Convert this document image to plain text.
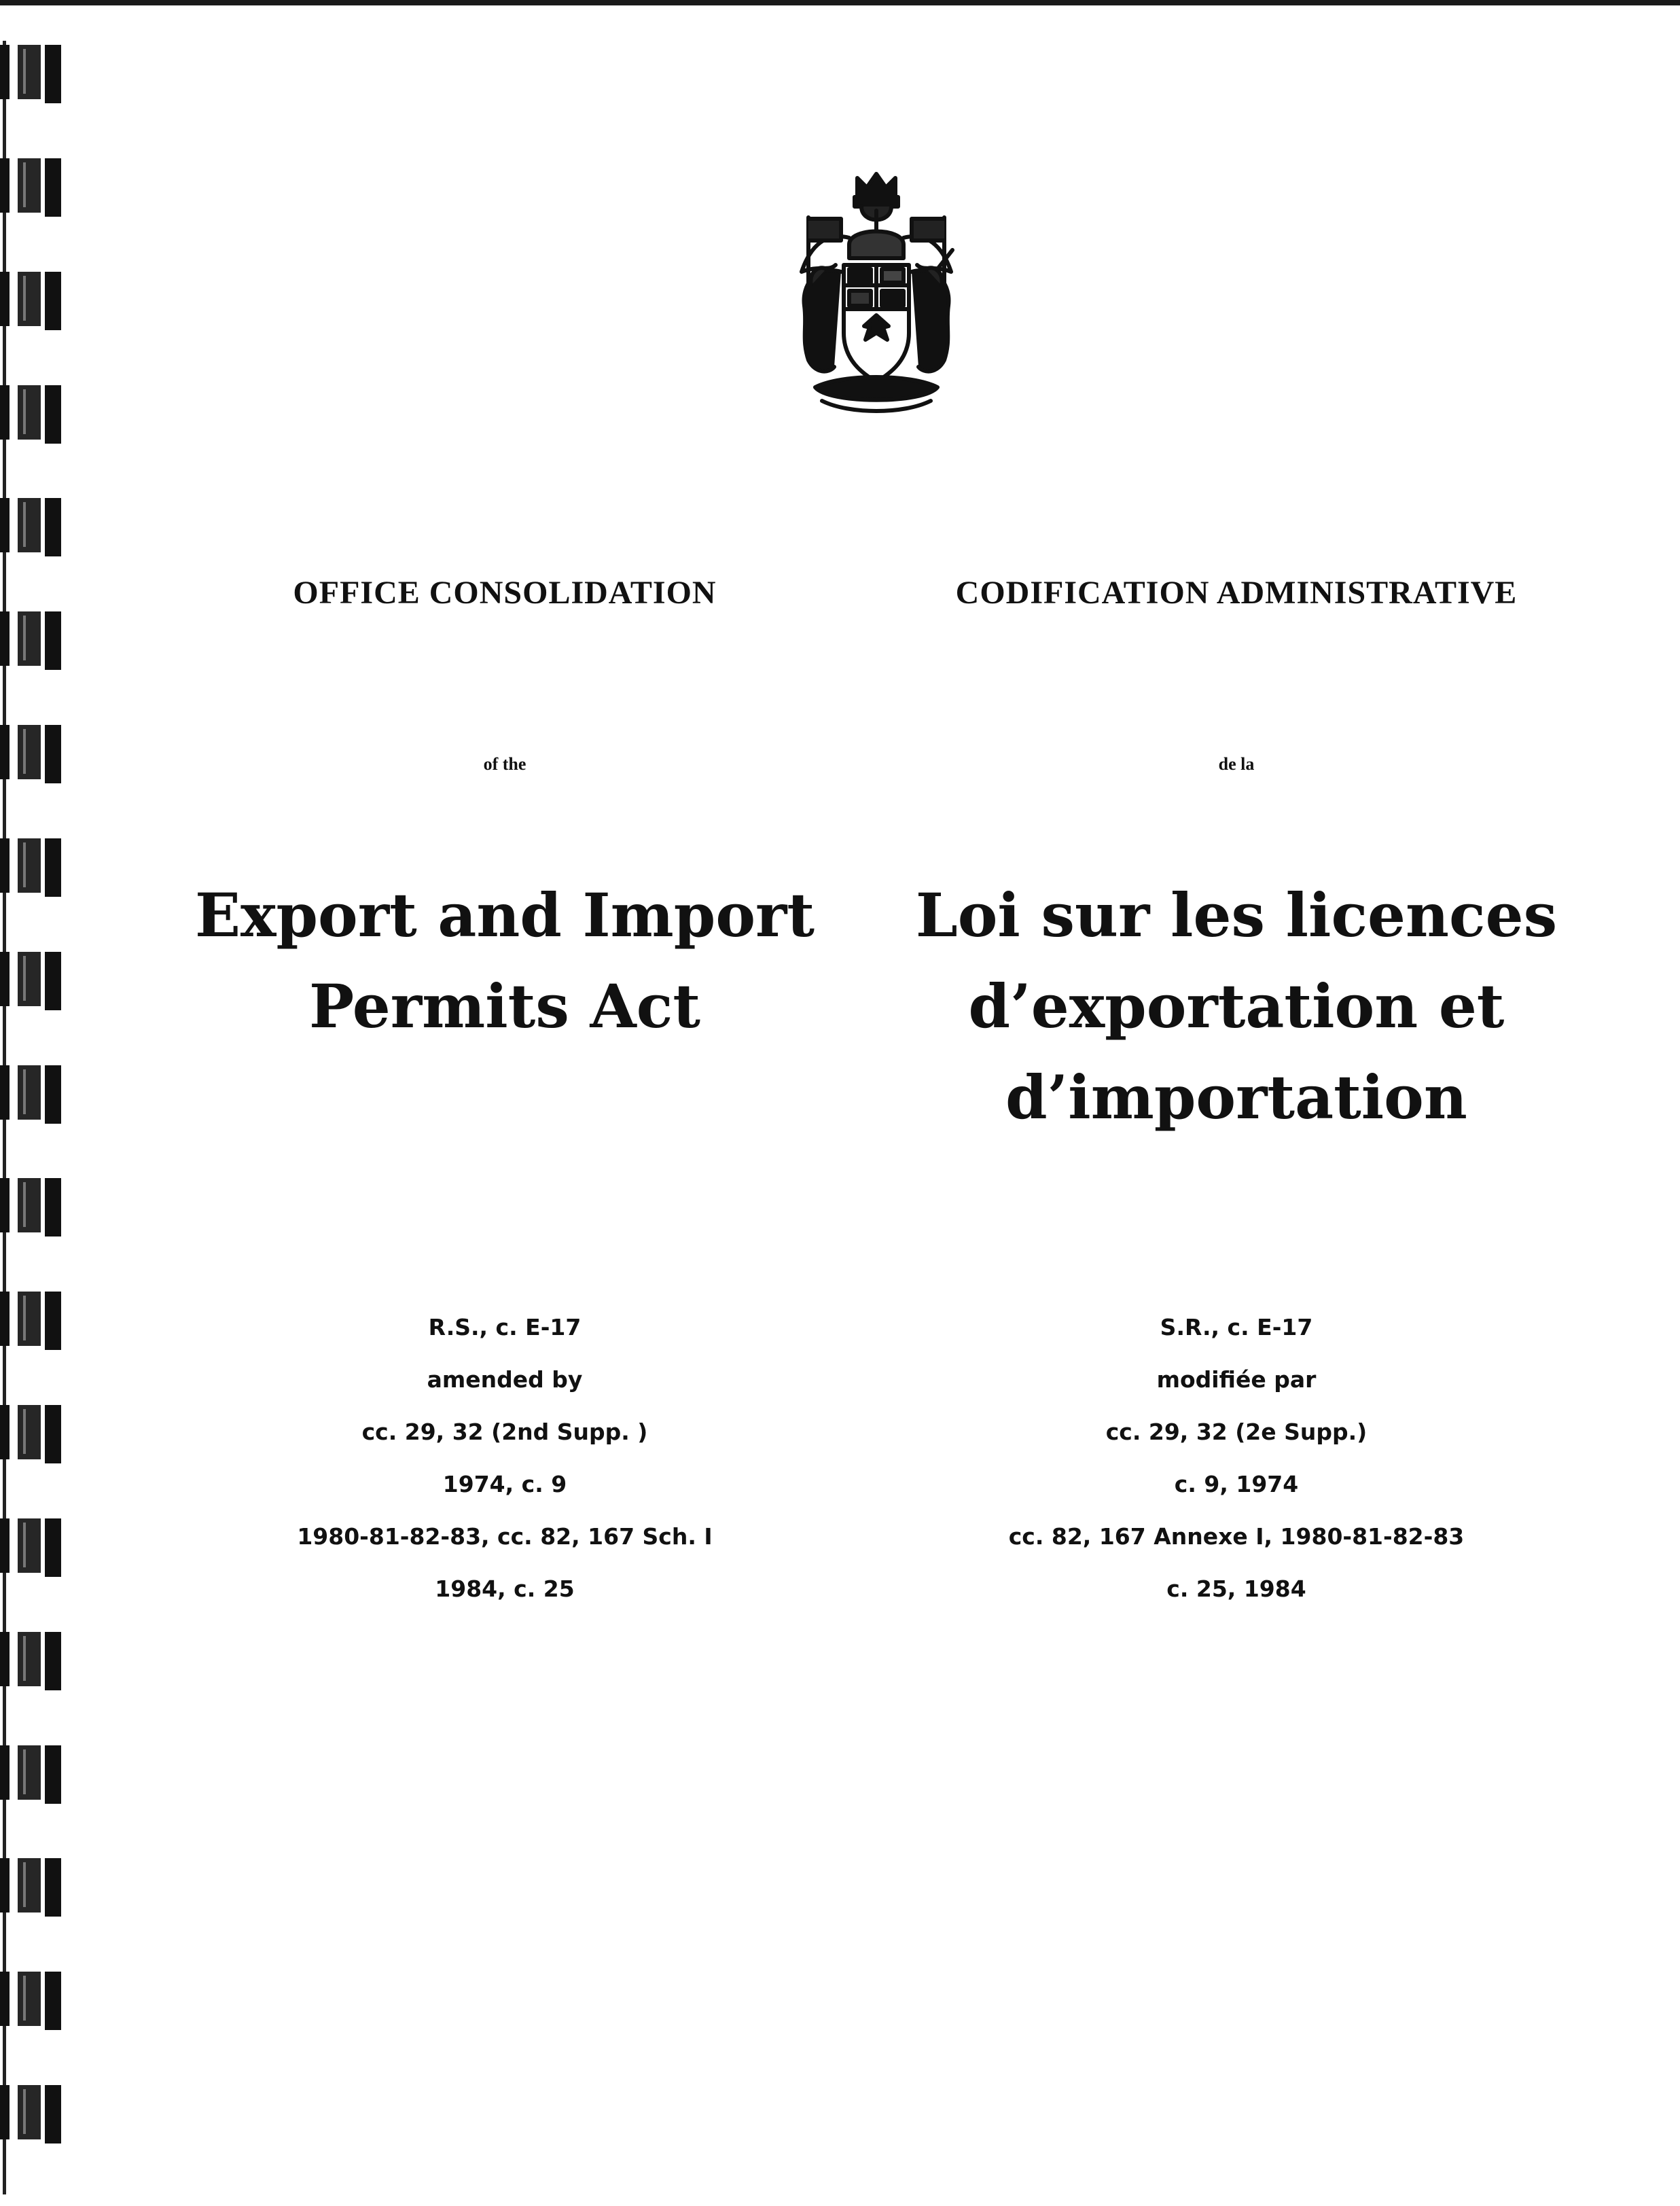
OFFICE CONSOLIDATION
of the
Export and Import
Permits Act
R.S., c. E-17
amended by
cc. 29, 32 (2nd Supp. )
1974, c. 9
1980-81-82-83, cc. 82, 167 Sch. I
1984, c. 25
CODIFICATION ADMINISTRATIVE
de la
Loi sur les licences
d’exportation et
d’importation
S.R., c. E-17
modifiée par
cc. 29, 32 (2e Supp.)
c. 9, 1974
cc. 82, 167 Annexe I, 1980-81-82-83
c. 25, 1984
